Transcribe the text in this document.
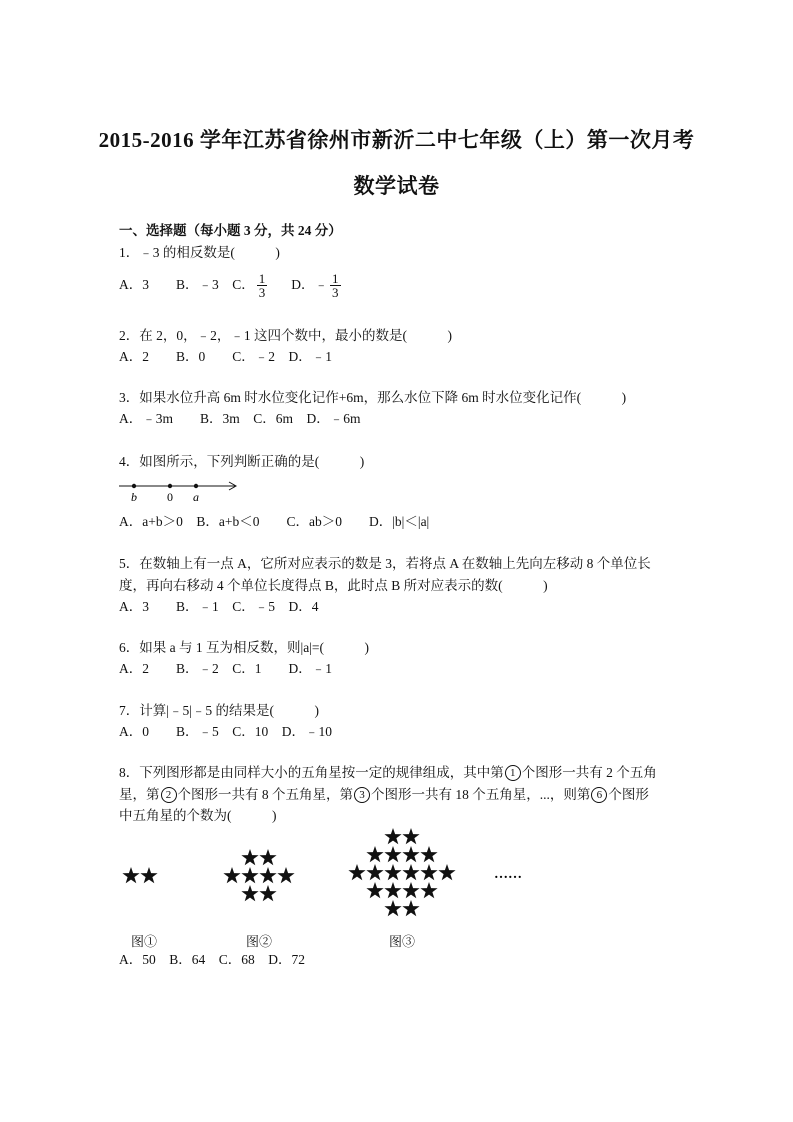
2015-2016 学年江苏省徐州市新沂二中七年级（上）第一次月考
数学试卷
一、选择题（每小题 3 分，共 24 分）
1．﹣3 的相反数是(　　　)
A．3　　B．﹣3　C． $\frac{1}{3}$ D．﹣ $\frac{1}{3}$
2．在 2，0，﹣2，﹣1 这四个数中，最小的数是(　　　)
A．2　　B．0　　C．﹣2　D．﹣1
3．如果水位升高 6m 时水位变化记作+6m，那么水位下降 6m 时水位变化记作(　　　)
A．﹣3m　　B．3m　C．6m　D．﹣6m
4．如图所示，下列判断正确的是(　　　)
b	0 a
A．a+b＞0　B．a+b＜0　　C．ab＞0　　D．|b|＜|a|
5．在数轴上有一点 A，它所对应表示的数是 3，若将点 A 在数轴上先向左移动 8 个单位长
度，再向右移动 4 个单位长度得点 B，此时点 B 所对应表示的数(　　　)
A．3　　B．﹣1　C．﹣5　D．4
6．如果 a 与 1 互为相反数，则|a|=(　　　)
A．2　　B．﹣2　C．1　　D．﹣1
7．计算|﹣5|﹣5 的结果是(　　　)
A．0　　B．﹣5　C．10　D．﹣10
8．下列图形都是由同样大小的五角星按一定的规律组成，其中第 1 个图形一共有 2 个五角
星，第 2 个图形一共有 8 个五角星，第 3 个图形一共有 18 个五角星，...，则第 6 个图形
中五角星的个数为(　　　)
……
图①	图②	图③
A．50　B．64　C．68　D．72
